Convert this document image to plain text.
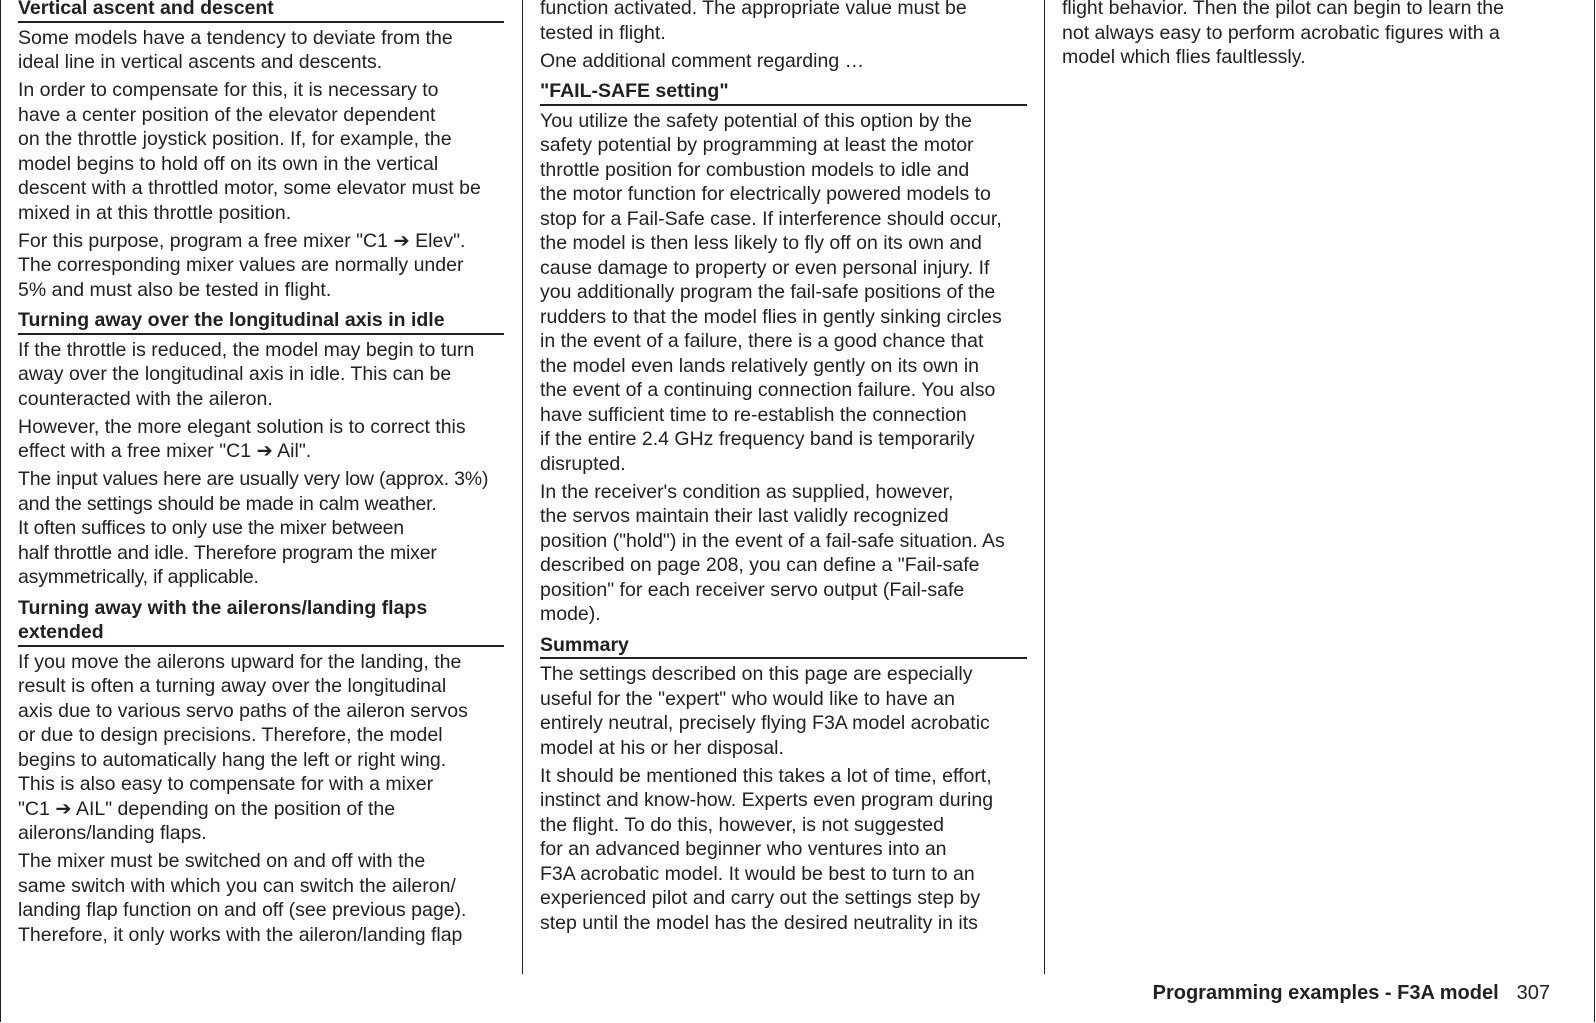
Vertical ascent and descent

Some models have a tendency to deviate from the
ideal line in vertical ascents and descents.

In order to compensate for this, it is necessary to
have a center position of the elevator dependent
on the throttle joystick position. If, for example, the
model begins to hold off on its own in the vertical
descent with a throttled motor, some elevator must be
mixed in at this throttle position.

For this purpose, program a free mixer "C1 ➔ Elev".
The corresponding mixer values are normally under
5% and must also be tested in flight.

Turning away over the longitudinal axis in idle

If the throttle is reduced, the model may begin to turn
away over the longitudinal axis in idle. This can be
counteracted with the aileron.

However, the more elegant solution is to correct this
effect with a free mixer "C1 ➔ Ail".

The input values here are usually very low (approx. 3%)
and the settings should be made in calm weather.
It often suffices to only use the mixer between
half throttle and idle. Therefore program the mixer
asymmetrically, if applicable.

Turning away with the ailerons/landing flaps
extended

If you move the ailerons upward for the landing, the
result is often a turning away over the longitudinal
axis due to various servo paths of the aileron servos
or due to design precisions. Therefore, the model
begins to automatically hang the left or right wing.
This is also easy to compensate for with a mixer
"C1 ➔ AIL" depending on the position of the
ailerons/landing flaps.

The mixer must be switched on and off with the
same switch with which you can switch the aileron/
landing flap function on and off (see previous page).
Therefore, it only works with the aileron/landing flap

function activated. The appropriate value must be
tested in flight.

One additional comment regarding …

"FAIL-SAFE setting"

You utilize the safety potential of this option by the
safety potential by programming at least the motor
throttle position for combustion models to idle and
the motor function for electrically powered models to
stop for a Fail-Safe case. If interference should occur,
the model is then less likely to fly off on its own and
cause damage to property or even personal injury. If
you additionally program the fail-safe positions of the
rudders to that the model flies in gently sinking circles
in the event of a failure, there is a good chance that
the model even lands relatively gently on its own in
the event of a continuing connection failure. You also
have sufficient time to re-establish the connection
if the entire 2.4 GHz frequency band is temporarily
disrupted.

In the receiver's condition as supplied, however,
the servos maintain their last validly recognized
position ("hold") in the event of a fail-safe situation. As
described on page 208, you can define a "Fail-safe
position" for each receiver servo output (Fail-safe
mode).

Summary

The settings described on this page are especially
useful for the "expert" who would like to have an
entirely neutral, precisely flying F3A model acrobatic
model at his or her disposal.

It should be mentioned this takes a lot of time, effort,
instinct and know-how. Experts even program during
the flight. To do this, however, is not suggested
for an advanced beginner who ventures into an
F3A acrobatic model. It would be best to turn to an
experienced pilot and carry out the settings step by
step until the model has the desired neutrality in its

flight behavior. Then the pilot can begin to learn the
not always easy to perform acrobatic figures with a
model which flies faultlessly.

Programming examples - F3A model 307
